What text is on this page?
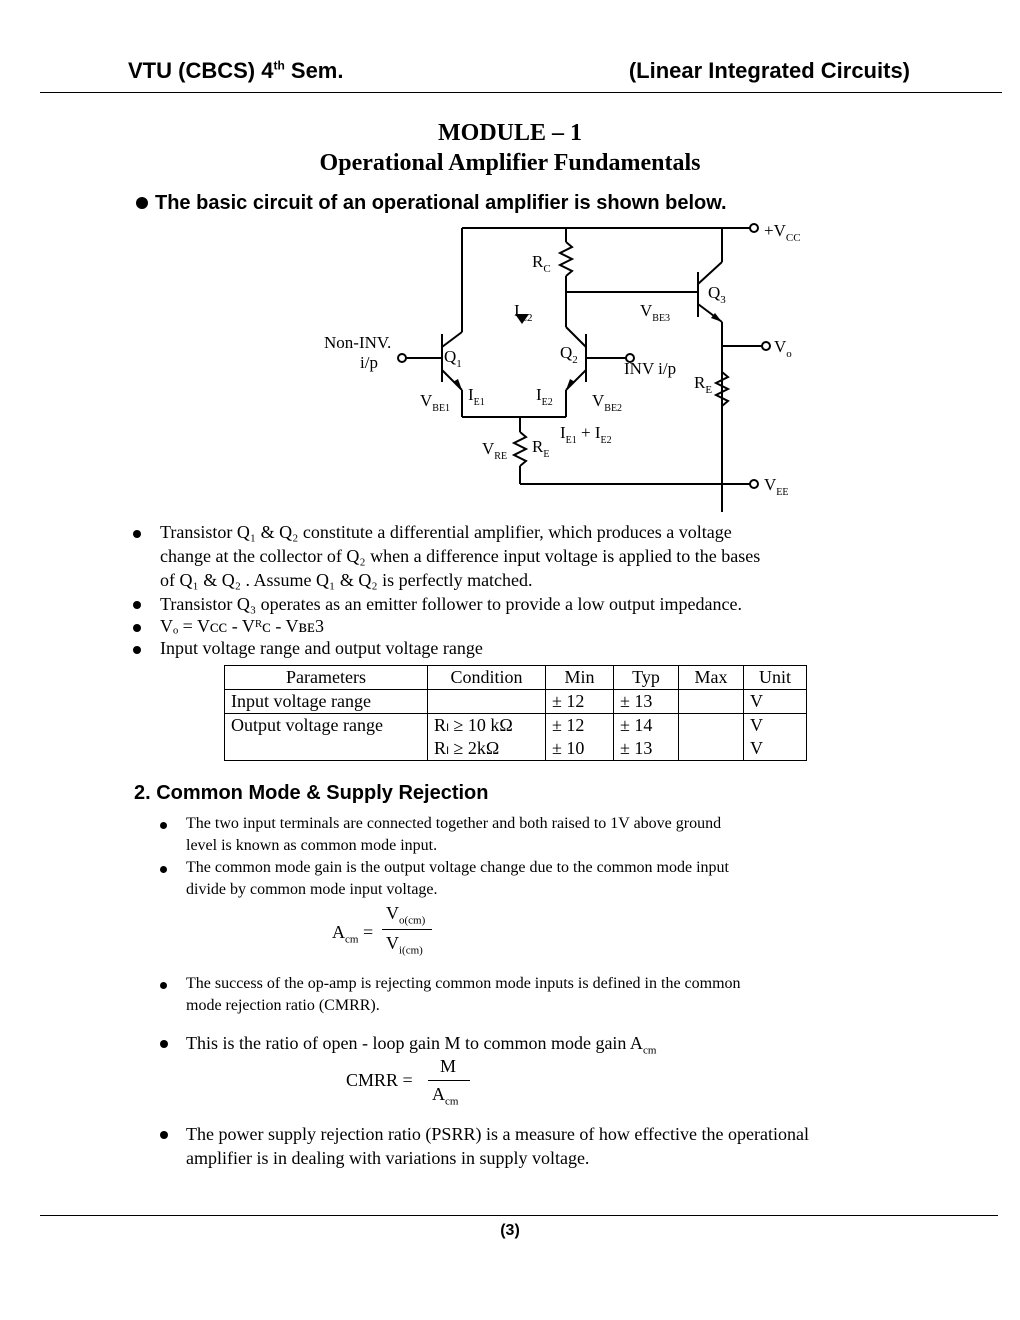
VTU (CBCS) 4th Sem.	(Linear Integrated Circuits)
MODULE – 1
Operational Amplifier Fundamentals
The basic circuit of an operational amplifier is shown below.
$R_C$
$I_{C2}$	$V_{BE3}$
$Q_3$
$+V_{CC}$
$V_o$
Non-INV.
i/p	$Q_1$
$Q_2$	INV i/p
$R_E$
$V_{BE1}$
$I_{E1}$	$I_{E2}$ $V_{BE2}$
$I_{E1} + I_{E2}$
$V_{RE}$
$R_E$
$V_{EE}$
Transistor Q₁ & Q₂ constitute a differential amplifier, which produces a voltage
change at the collector of Q₂ when a difference input voltage is applied to the bases
of Q₁ & Q₂ . Assume Q₁ & Q₂ is perfectly matched.
Transistor Q₃ operates as an emitter follower to provide a low output impedance.
Vₒ = Vᴄᴄ - Vᴿᴄ - Vʙᴇ3
Input voltage range and output voltage range
Parameters	Condition	Min	Typ	Max	Unit
Input voltage range		± 12	± 13		V
Output voltage range	Rₗ ≥ 10 kΩ	± 12	± 14		V
	Rₗ ≥ 2kΩ	± 10	± 13		V
2. Common Mode & Supply Rejection
The two input terminals are connected together and both raised to 1V above ground
level is known as common mode input.
The common mode gain is the output voltage change due to the common mode input
divide by common mode input voltage.
$A_{cm}$ =
$V_{o(cm)}$
$V_{i(cm)}$
The success of the op-amp is rejecting common mode inputs is defined in the common
mode rejection ratio (CMRR).
This is the ratio of open - loop gain M to common mode gain $A_{cm}$
CMRR =
M
$A_{cm}$
The power supply rejection ratio (PSRR) is a measure of how effective the operational
amplifier is in dealing with variations in supply voltage.
(3)
